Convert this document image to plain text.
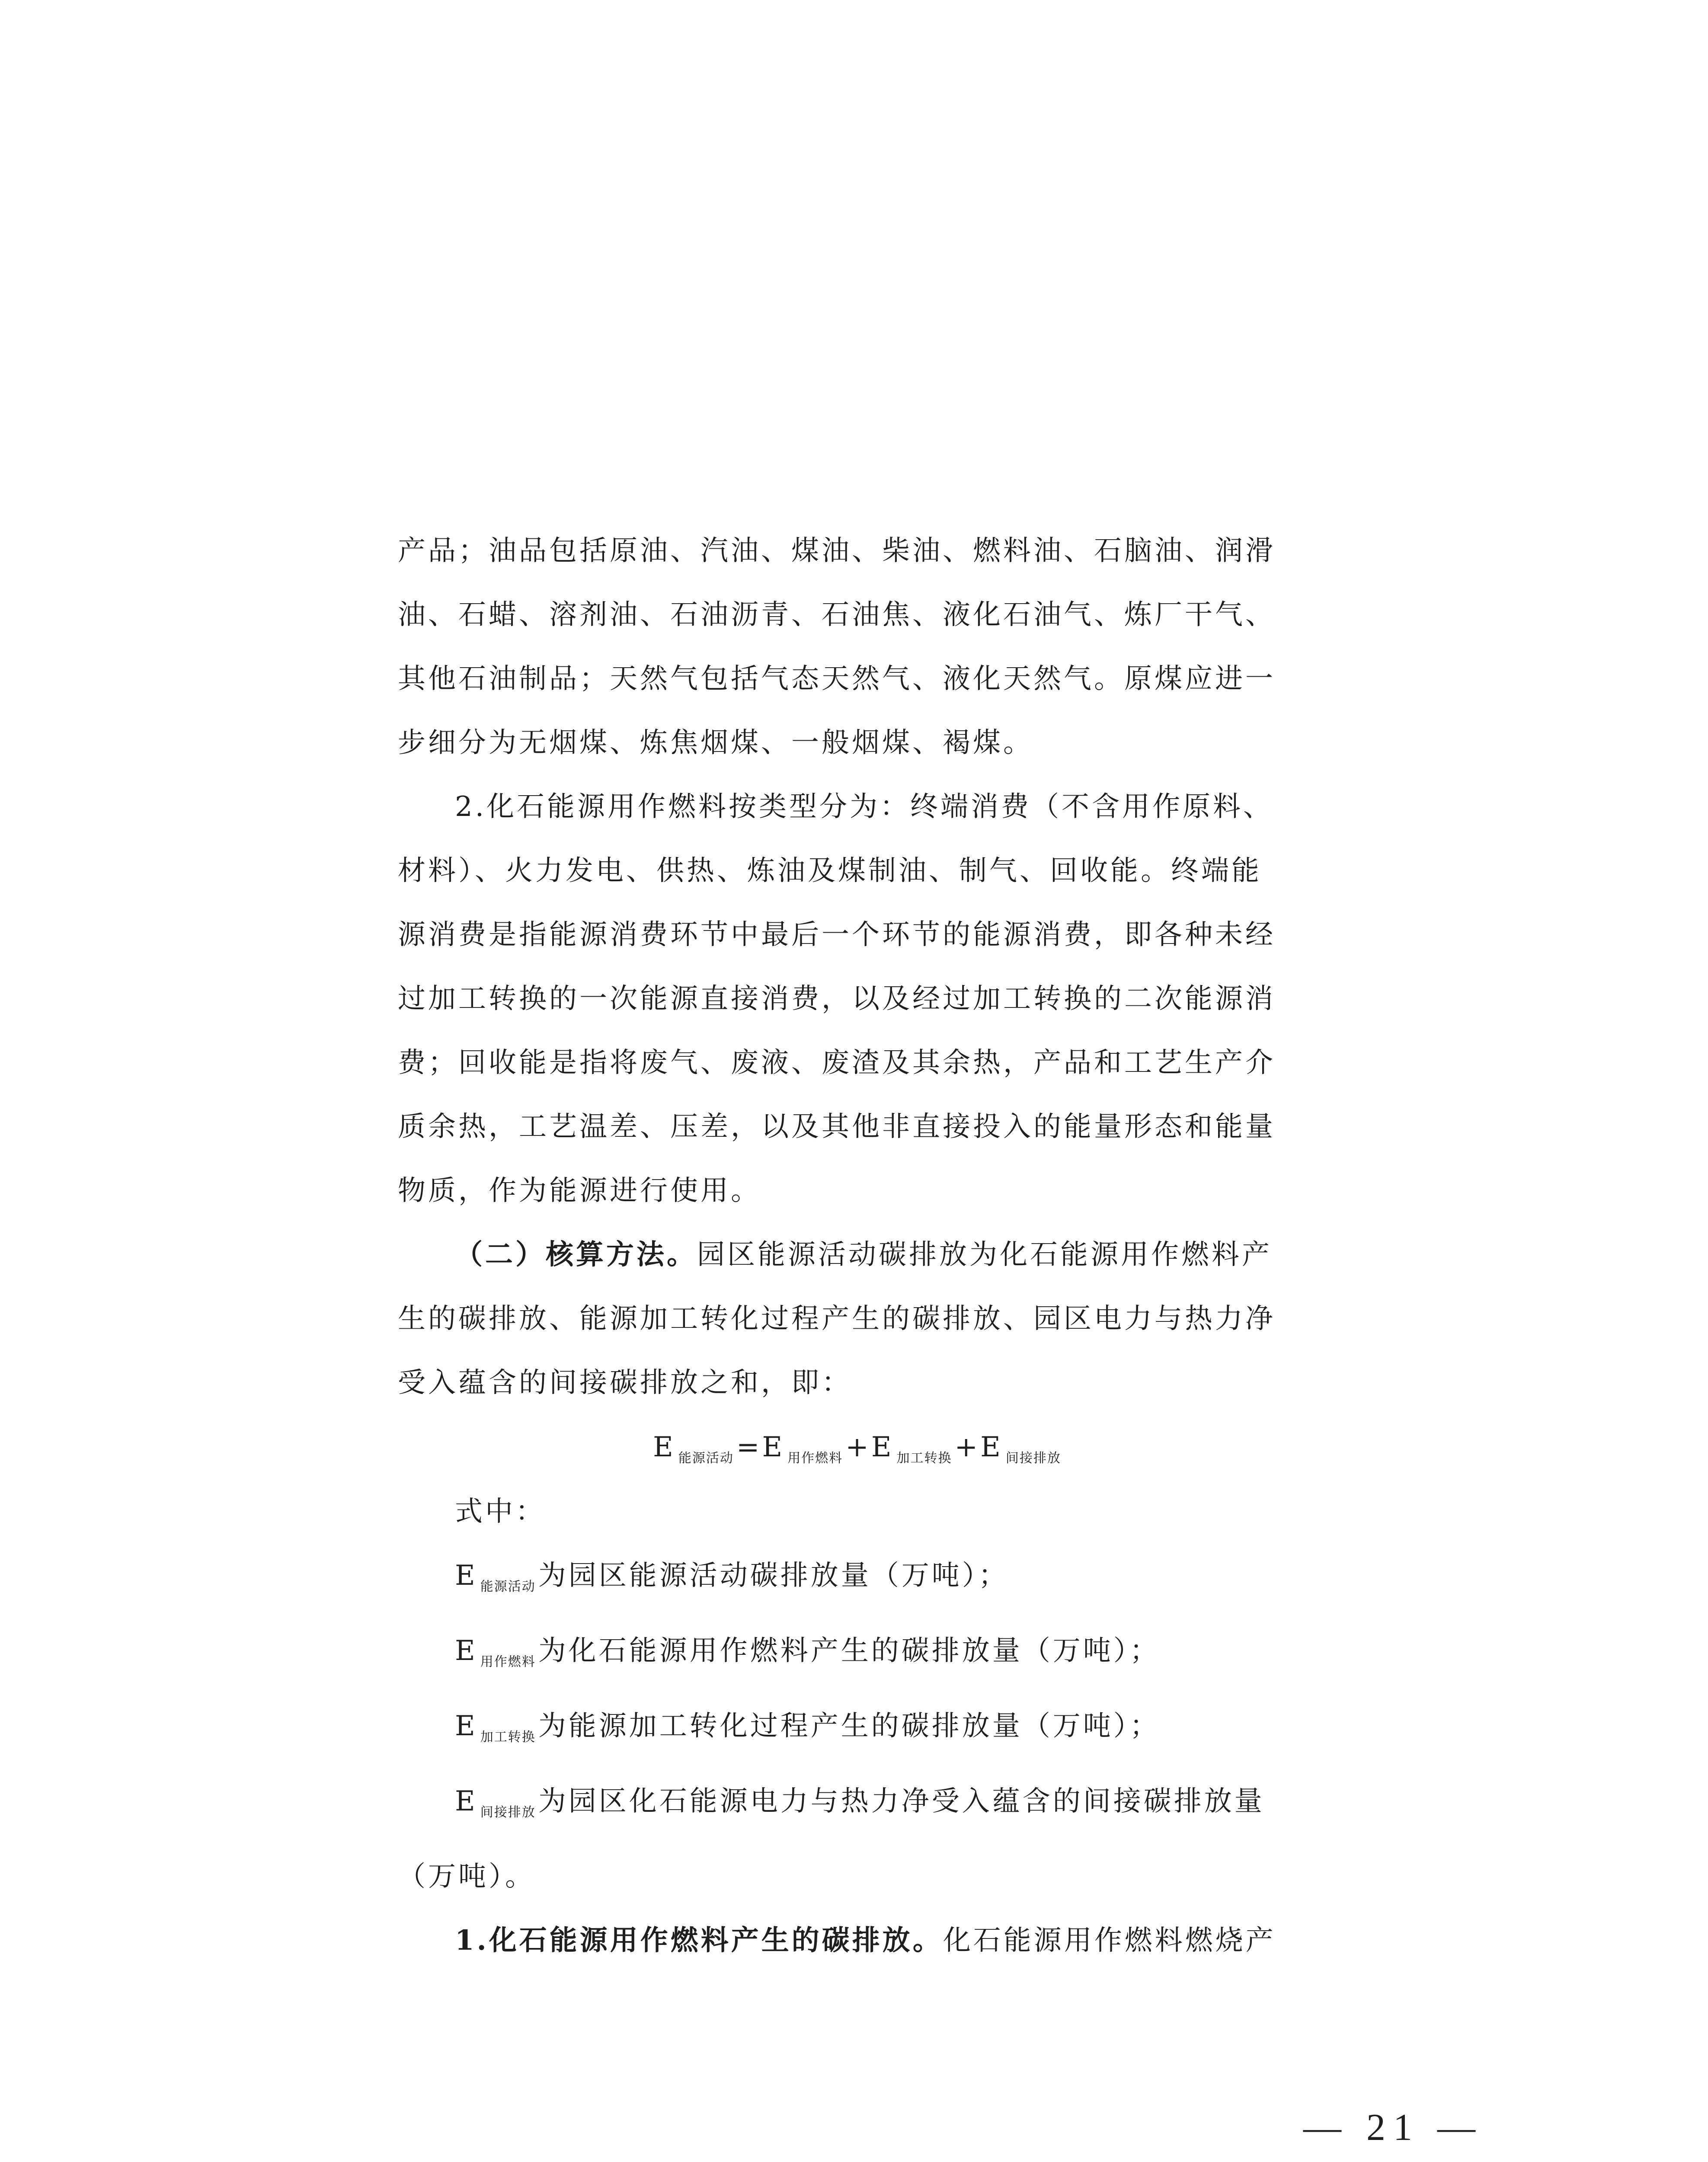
产品；油品包括原油、汽油、煤油、柴油、燃料油、石脑油、润滑

油、石蜡、溶剂油、石油沥青、石油焦、液化石油气、炼厂干气、

其他石油制品；天然气包括气态天然气、液化天然气。原煤应进一

步细分为无烟煤、炼焦烟煤、一般烟煤、褐煤。

2.化石能源用作燃料按类型分为：终端消费（不含用作原料、

材料）、火力发电、供热、炼油及煤制油、制气、回收能。终端能

源消费是指能源消费环节中最后一个环节的能源消费，即各种未经

过加工转换的一次能源直接消费，以及经过加工转换的二次能源消

费；回收能是指将废气、废液、废渣及其余热，产品和工艺生产介

质余热，工艺温差、压差，以及其他非直接投入的能量形态和能量

物质，作为能源进行使用。

（二）核算方法。园区能源活动碳排放为化石能源用作燃料产

生的碳排放、能源加工转化过程产生的碳排放、园区电力与热力净

受入蕴含的间接碳排放之和，即：

E $_{能源活动}$=E $_{用作燃料}$+E $_{加工转换}$+E $_{间接排放}$

式中：

E $_{能源活动}$为园区能源活动碳排放量（万吨）；

E $_{用作燃料}$为化石能源用作燃料产生的碳排放量（万吨）；

E $_{加工转换}$为能源加工转化过程产生的碳排放量（万吨）；

E $_{间接排放}$为园区化石能源电力与热力净受入蕴含的间接碳排放量

（万吨）。

1.化石能源用作燃料产生的碳排放。化石能源用作燃料燃烧产

— 21 —
